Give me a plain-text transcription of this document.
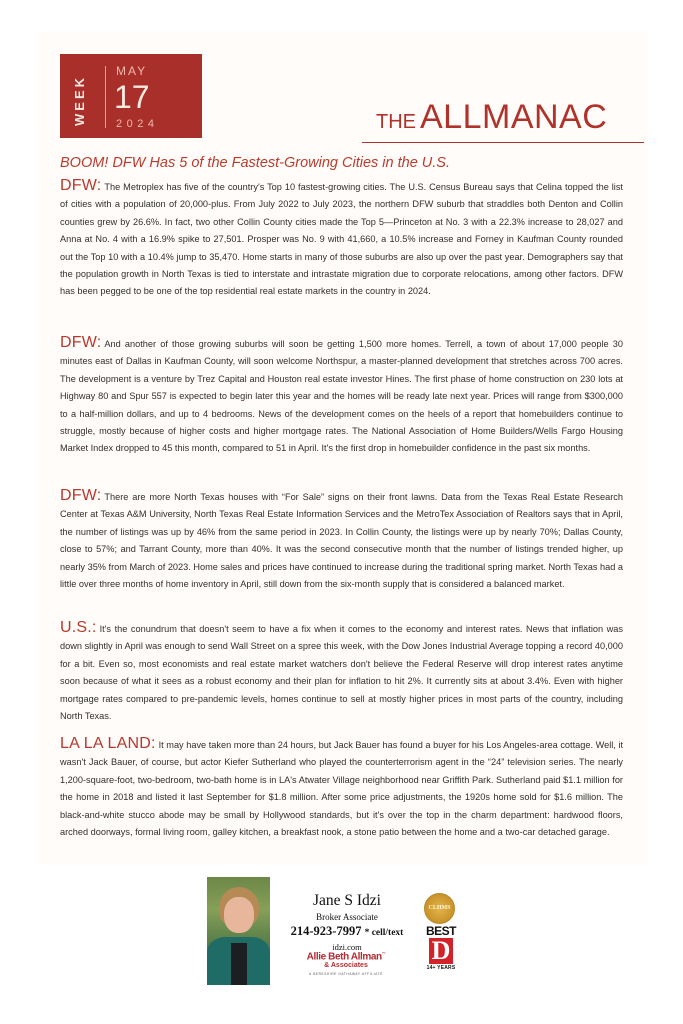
WEEK
MAY
17
2024	THE ALLMANAC
BOOM! DFW Has 5 of the Fastest-Growing Cities in the U.S.
DFW: The Metroplex has five of the country's Top 10 fastest-growing cities. The U.S. Census Bureau says that Celina topped the list of cities with a population of 20,000-plus. From July 2022 to July 2023, the northern DFW suburb that straddles both Denton and Collin counties grew by 26.6%. In fact, two other Collin County cities made the Top 5—Princeton at No. 3 with a 22.3% increase to 28,027 and Anna at No. 4 with a 16.9% spike to 27,501. Prosper was No. 9 with 41,660, a 10.5% increase and Forney in Kaufman County rounded out the Top 10 with a 10.4% jump to 35,470. Home starts in many of those suburbs are also up over the past year. Demographers say that the population growth in North Texas is tied to interstate and intrastate migration due to corporate relocations, among other factors. DFW has been pegged to be one of the top residential real estate markets in the country in 2024.
DFW: And another of those growing suburbs will soon be getting 1,500 more homes. Terrell, a town of about 17,000 people 30 minutes east of Dallas in Kaufman County, will soon welcome Northspur, a master-planned development that stretches across 700 acres. The development is a venture by Trez Capital and Houston real estate investor Hines. The first phase of home construction on 230 lots at Highway 80 and Spur 557 is expected to begin later this year and the homes will be ready late next year. Prices will range from $300,000 to a half-million dollars, and up to 4 bedrooms. News of the development comes on the heels of a report that homebuilders continue to struggle, mostly because of higher costs and higher mortgage rates. The National Association of Home Builders/Wells Fargo Housing Market Index dropped to 45 this month, compared to 51 in April. It's the first drop in homebuilder confidence in the past six months.
DFW: There are more North Texas houses with “For Sale” signs on their front lawns. Data from the Texas Real Estate Research Center at Texas A&M University, North Texas Real Estate Information Services and the MetroTex Association of Realtors says that in April, the number of listings was up by 46% from the same period in 2023. In Collin County, the listings were up by nearly 70%; Dallas County, close to 57%; and Tarrant County, more than 40%. It was the second consecutive month that the number of listings trended higher, up nearly 35% from March of 2023. Home sales and prices have continued to increase during the traditional spring market. North Texas had a little over three months of home inventory in April, still down from the six-month supply that is considered a balanced market.
U.S.: It's the conundrum that doesn't seem to have a fix when it comes to the economy and interest rates. News that inflation was down slightly in April was enough to send Wall Street on a spree this week, with the Dow Jones Industrial Average topping a record 40,000 for a bit. Even so, most economists and real estate market watchers don't believe the Federal Reserve will drop interest rates anytime soon because of what it sees as a robust economy and their plan for inflation to hit 2%. It currently sits at about 3.4%. Even with higher mortgage rates compared to pre-pandemic levels, homes continue to sell at mostly higher prices in most parts of the country, including North Texas.
LA LA LAND: It may have taken more than 24 hours, but Jack Bauer has found a buyer for his Los Angeles-area cottage. Well, it wasn't Jack Bauer, of course, but actor Kiefer Sutherland who played the counterterrorism agent in the “24” television series. The nearly 1,200-square-foot, two-bedroom, two-bath home is in LA's Atwater Village neighborhood near Griffith Park. Sutherland paid $1.1 million for the home in 2018 and listed it last September for $1.8 million. After some price adjustments, the 1920s home sold for $1.6 million. The black-and-white stucco abode may be small by Hollywood standards, but it's over the top in the charm department: hardwood floors, arched doorways, formal living room, galley kitchen, a breakfast nook, a stone patio between the home and a two-car detached garage.
Jane S Idzi
Broker Associate
214-923-7997 * cell/text
idzi.com
Allie Beth Allman™
& Associates
A BERKSHIRE HATHAWAY AFFILIATE
CLHMS
BEST
D
14+ YEARS
